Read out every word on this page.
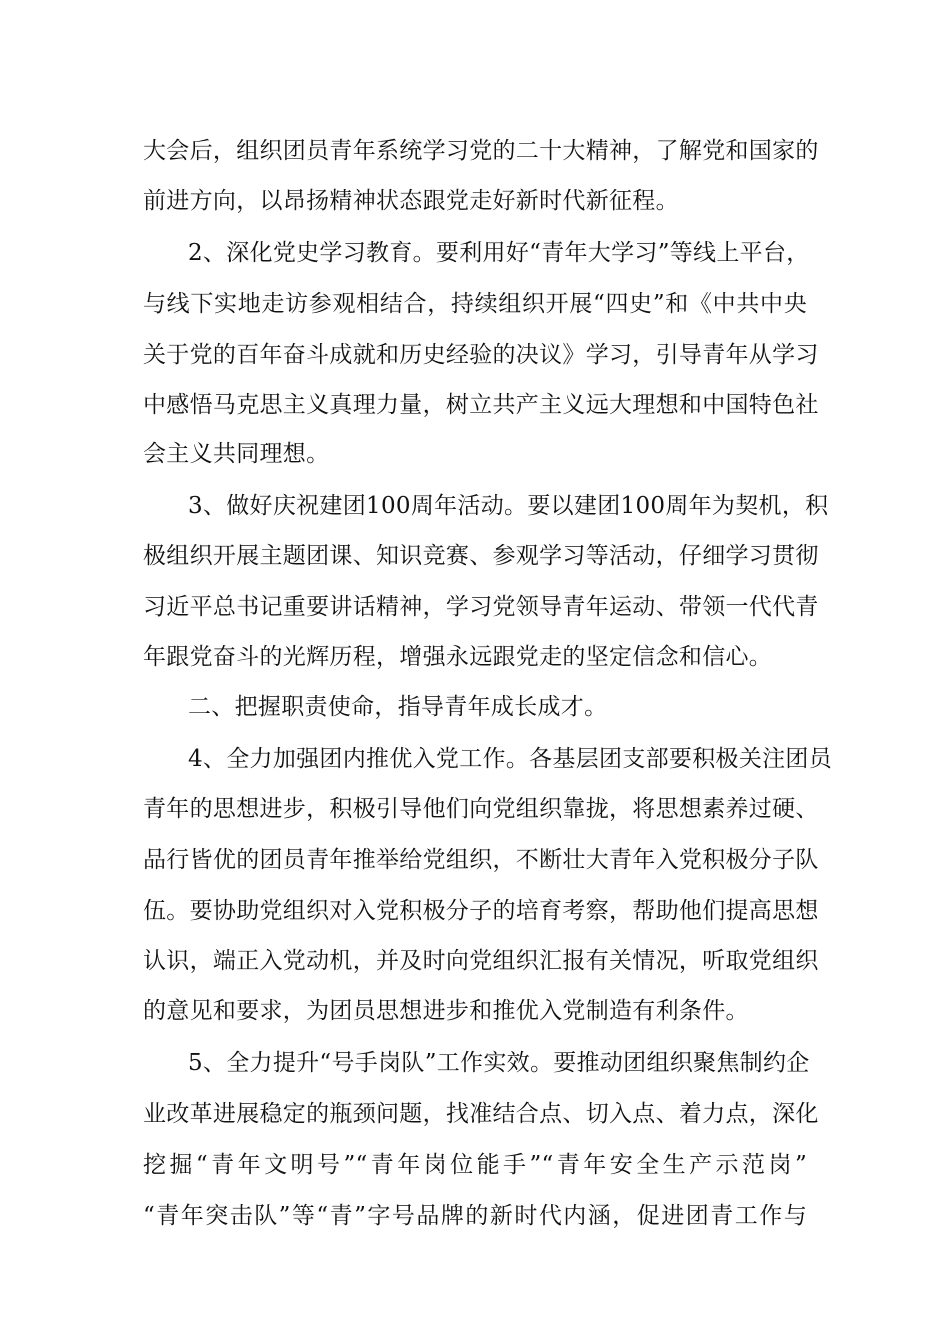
大会后，组织团员青年系统学习党的二十大精神，了解党和国家的

前进方向，以昂扬精神状态跟党走好新时代新征程。

2、深化党史学习教育。要利用好“青年大学习”等线上平台，

与线下实地走访参观相结合，持续组织开展“四史”和《中共中央

关于党的百年奋斗成就和历史经验的决议》学习，引导青年从学习

中感悟马克思主义真理力量，树立共产主义远大理想和中国特色社

会主义共同理想。

3、做好庆祝建团100周年活动。要以建团100周年为契机，积

极组织开展主题团课、知识竞赛、参观学习等活动，仔细学习贯彻

习近平总书记重要讲话精神，学习党领导青年运动、带领一代代青

年跟党奋斗的光辉历程，增强永远跟党走的坚定信念和信心。

二、把握职责使命，指导青年成长成才。

4、全力加强团内推优入党工作。各基层团支部要积极关注团员

青年的思想进步，积极引导他们向党组织靠拢，将思想素养过硬、

品行皆优的团员青年推举给党组织，不断壮大青年入党积极分子队

伍。要协助党组织对入党积极分子的培育考察，帮助他们提高思想

认识，端正入党动机，并及时向党组织汇报有关情况，听取党组织

的意见和要求，为团员思想进步和推优入党制造有利条件。

5、全力提升“号手岗队”工作实效。要推动团组织聚焦制约企

业改革进展稳定的瓶颈问题，找准结合点、切入点、着力点，深化

挖掘“青年文明号”“青年岗位能手”“青年安全生产示范岗”

“青年突击队”等“青”字号品牌的新时代内涵，促进团青工作与
